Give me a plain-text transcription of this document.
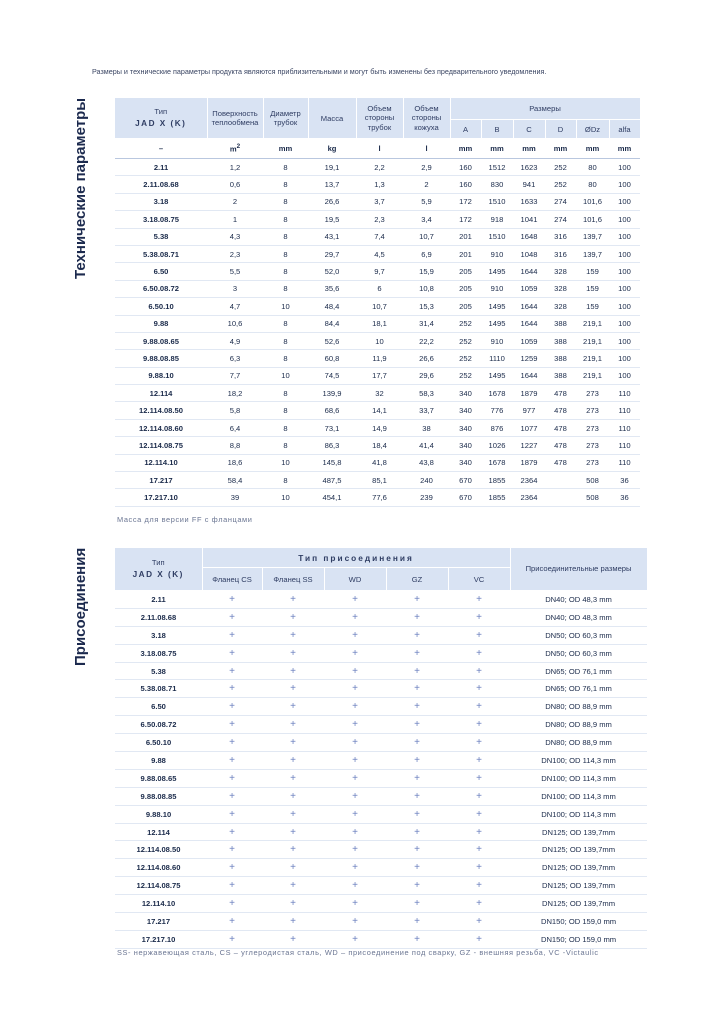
Размеры и технические параметры продукта являются приблизительными и могут быть изменены без предварительного уведомления.
Технические параметры
Присоединения
Тип
JAD X (K)	Поверхность теплообмена	Диаметр трубок	Масса	Объем стороны трубок	Объем стороны кожуха	Размеры					
						A	B	C	D	ØDz	alfa
–	$m^2$	mm	kg	l	l	mm	mm	mm	mm	mm	mm
2.11	1,2	8	19,1	2,2	2,9	160	1512	1623	252	80	100
2.11.08.68	0,6	8	13,7	1,3	2	160	830	941	252	80	100
3.18	2	8	26,6	3,7	5,9	172	1510	1633	274	101,6	100
3.18.08.75	1	8	19,5	2,3	3,4	172	918	1041	274	101,6	100
5.38	4,3	8	43,1	7,4	10,7	201	1510	1648	316	139,7	100
5.38.08.71	2,3	8	29,7	4,5	6,9	201	910	1048	316	139,7	100
6.50	5,5	8	52,0	9,7	15,9	205	1495	1644	328	159	100
6.50.08.72	3	8	35,6	6	10,8	205	910	1059	328	159	100
6.50.10	4,7	10	48,4	10,7	15,3	205	1495	1644	328	159	100
9.88	10,6	8	84,4	18,1	31,4	252	1495	1644	388	219,1	100
9.88.08.65	4,9	8	52,6	10	22,2	252	910	1059	388	219,1	100
9.88.08.85	6,3	8	60,8	11,9	26,6	252	1110	1259	388	219,1	100
9.88.10	7,7	10	74,5	17,7	29,6	252	1495	1644	388	219,1	100
12.114	18,2	8	139,9	32	58,3	340	1678	1879	478	273	110
12.114.08.50	5,8	8	68,6	14,1	33,7	340	776	977	478	273	110
12.114.08.60	6,4	8	73,1	14,9	38	340	876	1077	478	273	110
12.114.08.75	8,8	8	86,3	18,4	41,4	340	1026	1227	478	273	110
12.114.10	18,6	10	145,8	41,8	43,8	340	1678	1879	478	273	110
17.217	58,4	8	487,5	85,1	240	670	1855	2364		508	36
17.217.10	39	10	454,1	77,6	239	670	1855	2364		508	36
Масса для версии FF с фланцами
Тип
JAD X (K)	Тип присоединения					Присоединительные размеры
	Фланец CS	Фланец SS	WD	GZ	VC	
2.11	+	+	+	+	+	DN40; OD 48,3 mm
2.11.08.68	+	+	+	+	+	DN40; OD 48,3 mm
3.18	+	+	+	+	+	DN50; OD 60,3 mm
3.18.08.75	+	+	+	+	+	DN50; OD 60,3 mm
5.38	+	+	+	+	+	DN65; OD 76,1 mm
5.38.08.71	+	+	+	+	+	DN65; OD 76,1 mm
6.50	+	+	+	+	+	DN80; OD 88,9 mm
6.50.08.72	+	+	+	+	+	DN80; OD 88,9 mm
6.50.10	+	+	+	+	+	DN80; OD 88,9 mm
9.88	+	+	+	+	+	DN100; OD 114,3 mm
9.88.08.65	+	+	+	+	+	DN100; OD 114,3 mm
9.88.08.85	+	+	+	+	+	DN100; OD 114,3 mm
9.88.10	+	+	+	+	+	DN100; OD 114,3 mm
12.114	+	+	+	+	+	DN125; OD 139,7mm
12.114.08.50	+	+	+	+	+	DN125; OD 139,7mm
12.114.08.60	+	+	+	+	+	DN125; OD 139,7mm
12.114.08.75	+	+	+	+	+	DN125; OD 139,7mm
12.114.10	+	+	+	+	+	DN125; OD 139,7mm
17.217	+	+	+	+	+	DN150; OD 159,0 mm
17.217.10	+	+	+	+	+	DN150; OD 159,0 mm
SS- нержавеющая сталь, CS – углеродистая сталь, WD – присоединение под сварку, GZ - внешняя резьба, VC -Victaulic
